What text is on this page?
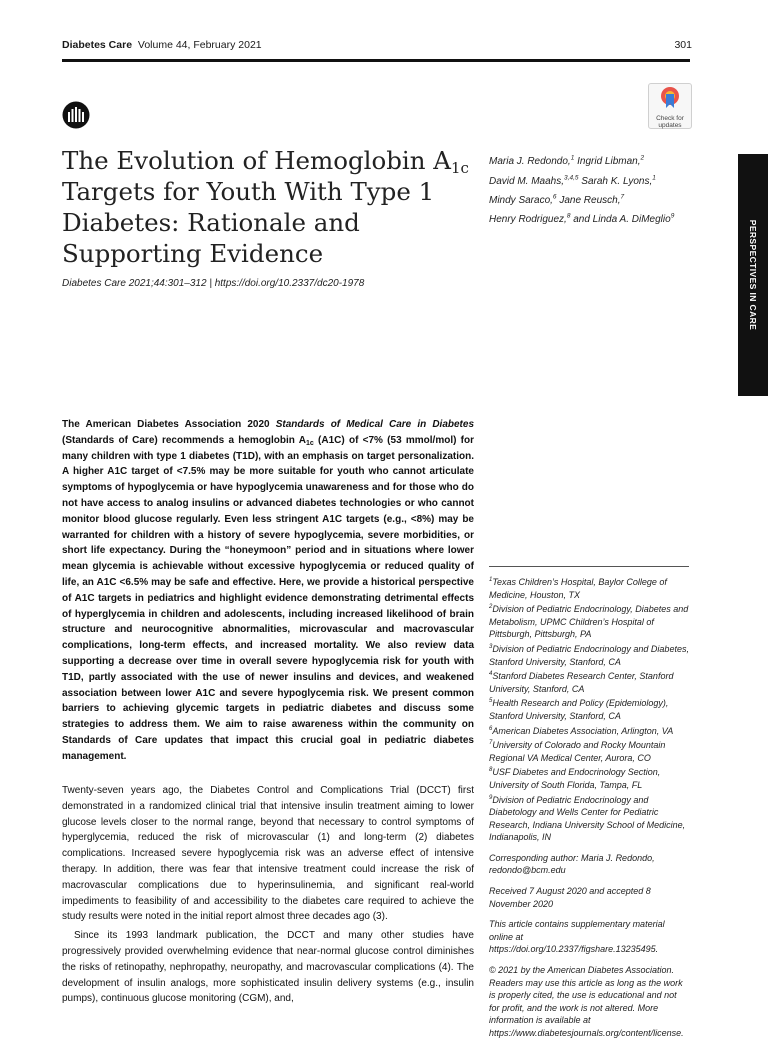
Diabetes Care Volume 44, February 2021	301
Check for
updates
The Evolution of Hemoglobin $A_{1c}$ Targets for Youth With Type 1 Diabetes: Rationale and Supporting Evidence
Diabetes Care 2021;44:301–312 | https://doi.org/10.2337/dc20-1978
Maria J. Redondo,$^1$ Ingrid Libman,$^2$
David M. Maahs,$^{3,4,5}$ Sarah K. Lyons,$^1$
Mindy Saraco,$^6$ Jane Reusch,$^7$
Henry Rodriguez,$^8$ and Linda A. DiMeglio$^9$
PERSPECTIVES IN CARE

The American Diabetes Association 2020 Standards of Medical Care in Diabetes (Standards of Care) recommends a hemoglobin $A_{1c}$ (A1C) of <7% (53 mmol/mol) for many children with type 1 diabetes (T1D), with an emphasis on target personalization. A higher A1C target of <7.5% may be more suitable for youth who cannot articulate symptoms of hypoglycemia or have hypoglycemia unawareness and for those who do not have access to analog insulins or advanced diabetes technologies or who cannot monitor blood glucose regularly. Even less stringent A1C targets (e.g., <8%) may be warranted for children with a history of severe hypoglycemia, severe morbidities, or short life expectancy. During the “honeymoon” period and in situations where lower mean glycemia is achievable without excessive hypoglycemia or reduced quality of life, an A1C <6.5% may be safe and effective. Here, we provide a historical perspective of A1C targets in pediatrics and highlight evidence demonstrating detrimental effects of hyperglycemia in children and adolescents, including increased likelihood of brain structure and neurocognitive abnormalities, microvascular and macrovascular complications, long-term effects, and increased mortality. We also review data supporting a decrease over time in overall severe hypoglycemia risk for youth with T1D, partly associated with the use of newer insulins and devices, and weakened association between lower A1C and severe hypoglycemia risk. We present common barriers to achieving glycemic targets in pediatric diabetes and discuss some strategies to address them. We aim to raise awareness within the community on Standards of Care updates that impact this crucial goal in pediatric diabetes management.

Twenty-seven years ago, the Diabetes Control and Complications Trial (DCCT) first demonstrated in a randomized clinical trial that intensive insulin treatment aiming to lower glucose levels closer to the normal range, beyond that necessary to control symptoms of hyperglycemia, reduced the risk of microvascular (1) and long-term (2) diabetes complications. Increased severe hypoglycemia risk was an adverse effect of intensive therapy. In addition, there was fear that intensive treatment could increase the risk of macrovascular complications due to hyperinsulinemia, and significant real-world impediments to feasibility of and accessibility to the diabetes care required to achieve the study results were noted in the initial report almost three decades ago (3).

Since its 1993 landmark publication, the DCCT and many other studies have progressively provided overwhelming evidence that near-normal glucose control diminishes the risks of retinopathy, nephropathy, neuropathy, and macrovascular complications (4). The development of insulin analogs, more sophisticated insulin delivery systems (e.g., insulin pumps), continuous glucose monitoring (CGM), and,

$^1$Texas Children’s Hospital, Baylor College of Medicine, Houston, TX

$^2$Division of Pediatric Endocrinology, Diabetes and Metabolism, UPMC Children’s Hospital of Pittsburgh, Pittsburgh, PA

$^3$Division of Pediatric Endocrinology and Diabetes, Stanford University, Stanford, CA

$^4$Stanford Diabetes Research Center, Stanford University, Stanford, CA

$^5$Health Research and Policy (Epidemiology), Stanford University, Stanford, CA

$^6$American Diabetes Association, Arlington, VA

$^7$University of Colorado and Rocky Mountain Regional VA Medical Center, Aurora, CO

$^8$USF Diabetes and Endocrinology Section, University of South Florida, Tampa, FL

$^9$Division of Pediatric Endocrinology and Diabetology and Wells Center for Pediatric Research, Indiana University School of Medicine, Indianapolis, IN

Corresponding author: Maria J. Redondo, redondo@bcm.edu

Received 7 August 2020 and accepted 8 November 2020

This article contains supplementary material online at https://doi.org/10.2337/figshare.13235495.

© 2021 by the American Diabetes Association. Readers may use this article as long as the work is properly cited, the use is educational and not for profit, and the work is not altered. More information is available at https://www.diabetesjournals.org/content/license.
